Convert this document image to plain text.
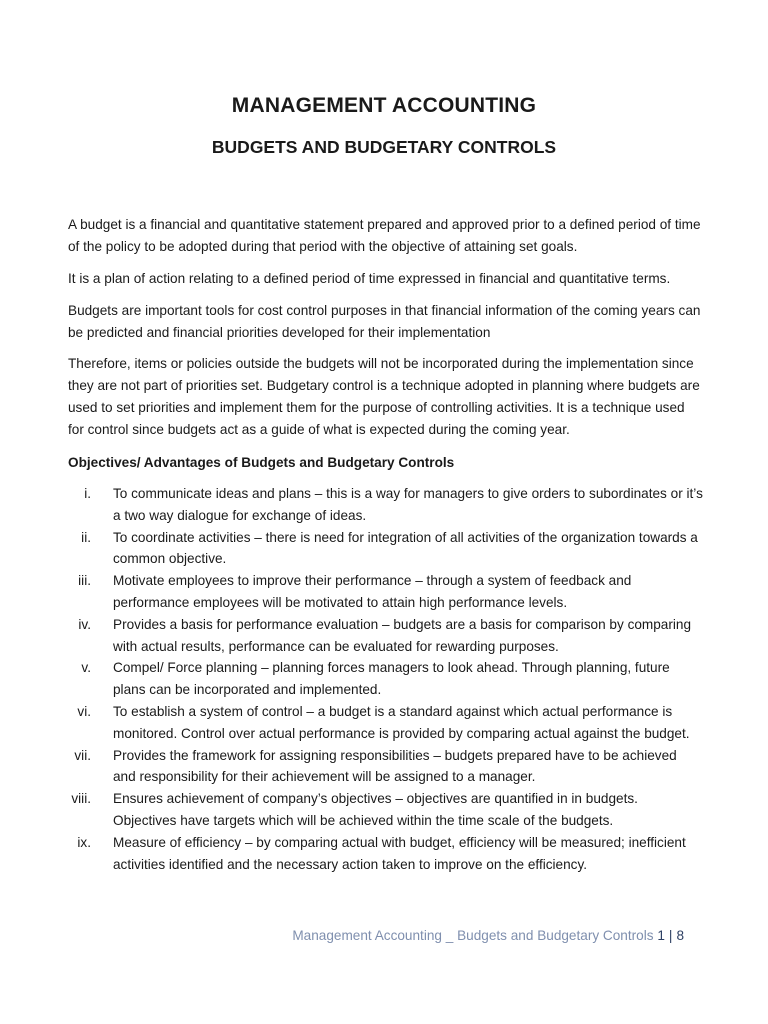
MANAGEMENT ACCOUNTING
BUDGETS AND BUDGETARY CONTROLS

A budget is a financial and quantitative statement prepared and approved prior to a defined period of time of the policy to be adopted during that period with the objective of attaining set goals.

It is a plan of action relating to a defined period of time expressed in financial and quantitative terms.

Budgets are important tools for cost control purposes in that financial information of the coming years can be predicted and financial priorities developed for their implementation

Therefore, items or policies outside the budgets will not be incorporated during the implementation since they are not part of priorities set. Budgetary control is a technique adopted in planning where budgets are used to set priorities and implement them for the purpose of controlling activities. It is a technique used for control since budgets act as a guide of what is expected during the coming year.

Objectives/ Advantages of Budgets and Budgetary Controls
i. To communicate ideas and plans – this is a way for managers to give orders to subordinates or it’s a two way dialogue for exchange of ideas.
ii. To coordinate activities – there is need for integration of all activities of the organization towards a common objective.
iii. Motivate employees to improve their performance – through a system of feedback and performance employees will be motivated to attain high performance levels.
iv. Provides a basis for performance evaluation – budgets are a basis for comparison by comparing with actual results, performance can be evaluated for rewarding purposes.
v. Compel/ Force planning – planning forces managers to look ahead. Through planning, future plans can be incorporated and implemented.
vi. To establish a system of control – a budget is a standard against which actual performance is monitored. Control over actual performance is provided by comparing actual against the budget.
vii. Provides the framework for assigning responsibilities – budgets prepared have to be achieved and responsibility for their achievement will be assigned to a manager.
viii. Ensures achievement of company’s objectives – objectives are quantified in in budgets. Objectives have targets which will be achieved within the time scale of the budgets.
ix. Measure of efficiency – by comparing actual with budget, efficiency will be measured; inefficient activities identified and the necessary action taken to improve on the efficiency.
Management Accounting _ Budgets and Budgetary Controls 1 | 8
